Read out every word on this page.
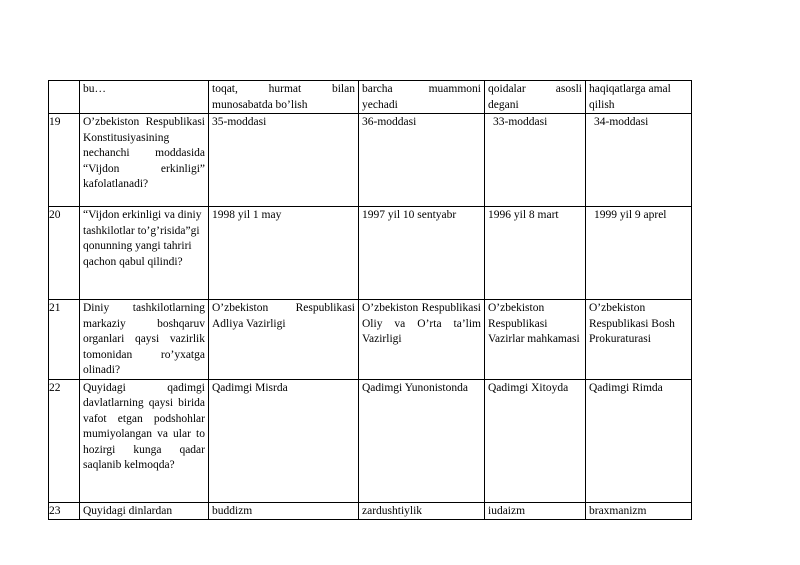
	bu…	toqat, hurmat bilan munosabatda bo’lish	barcha muammoni yechadi	qoidalar asosli degani	haqiqatlarga amal qilish
19	O’zbekiston Respublikasi Konstitusiyasining nechanchi moddasida “Vijdon erkinligi” kafolatlanadi?	35-moddasi	36-moddasi	33-moddasi	34-moddasi
20	“Vijdon erkinligi va diniy tashkilotlar to’g’risida”gi qonunning yangi tahriri qachon qabul qilindi?	1998 yil 1 may	1997 yil 10 sentyabr	1996 yil 8 mart	1999 yil 9 aprel
21	Diniy tashkilotlarning markaziy boshqaruv organlari qaysi vazirlik tomonidan ro’yxatga olinadi?	O’zbekiston Respublikasi Adliya Vazirligi	O’zbekiston Respublikasi Oliy va O’rta ta’lim Vazirligi	O’zbekiston Respublikasi Vazirlar mahkamasi	O’zbekiston Respublikasi Bosh Prokuraturasi
22	Quyidagi qadimgi davlatlarning qaysi birida vafot etgan podshohlar mumiyolangan va ular to hozirgi kunga qadar saqlanib kelmoqda?	Qadimgi Misrda	Qadimgi Yunonistonda	Qadimgi Xitoyda	Qadimgi Rimda
23	Quyidagi dinlardan	buddizm	zardushtiylik	iudaizm	braxmanizm
